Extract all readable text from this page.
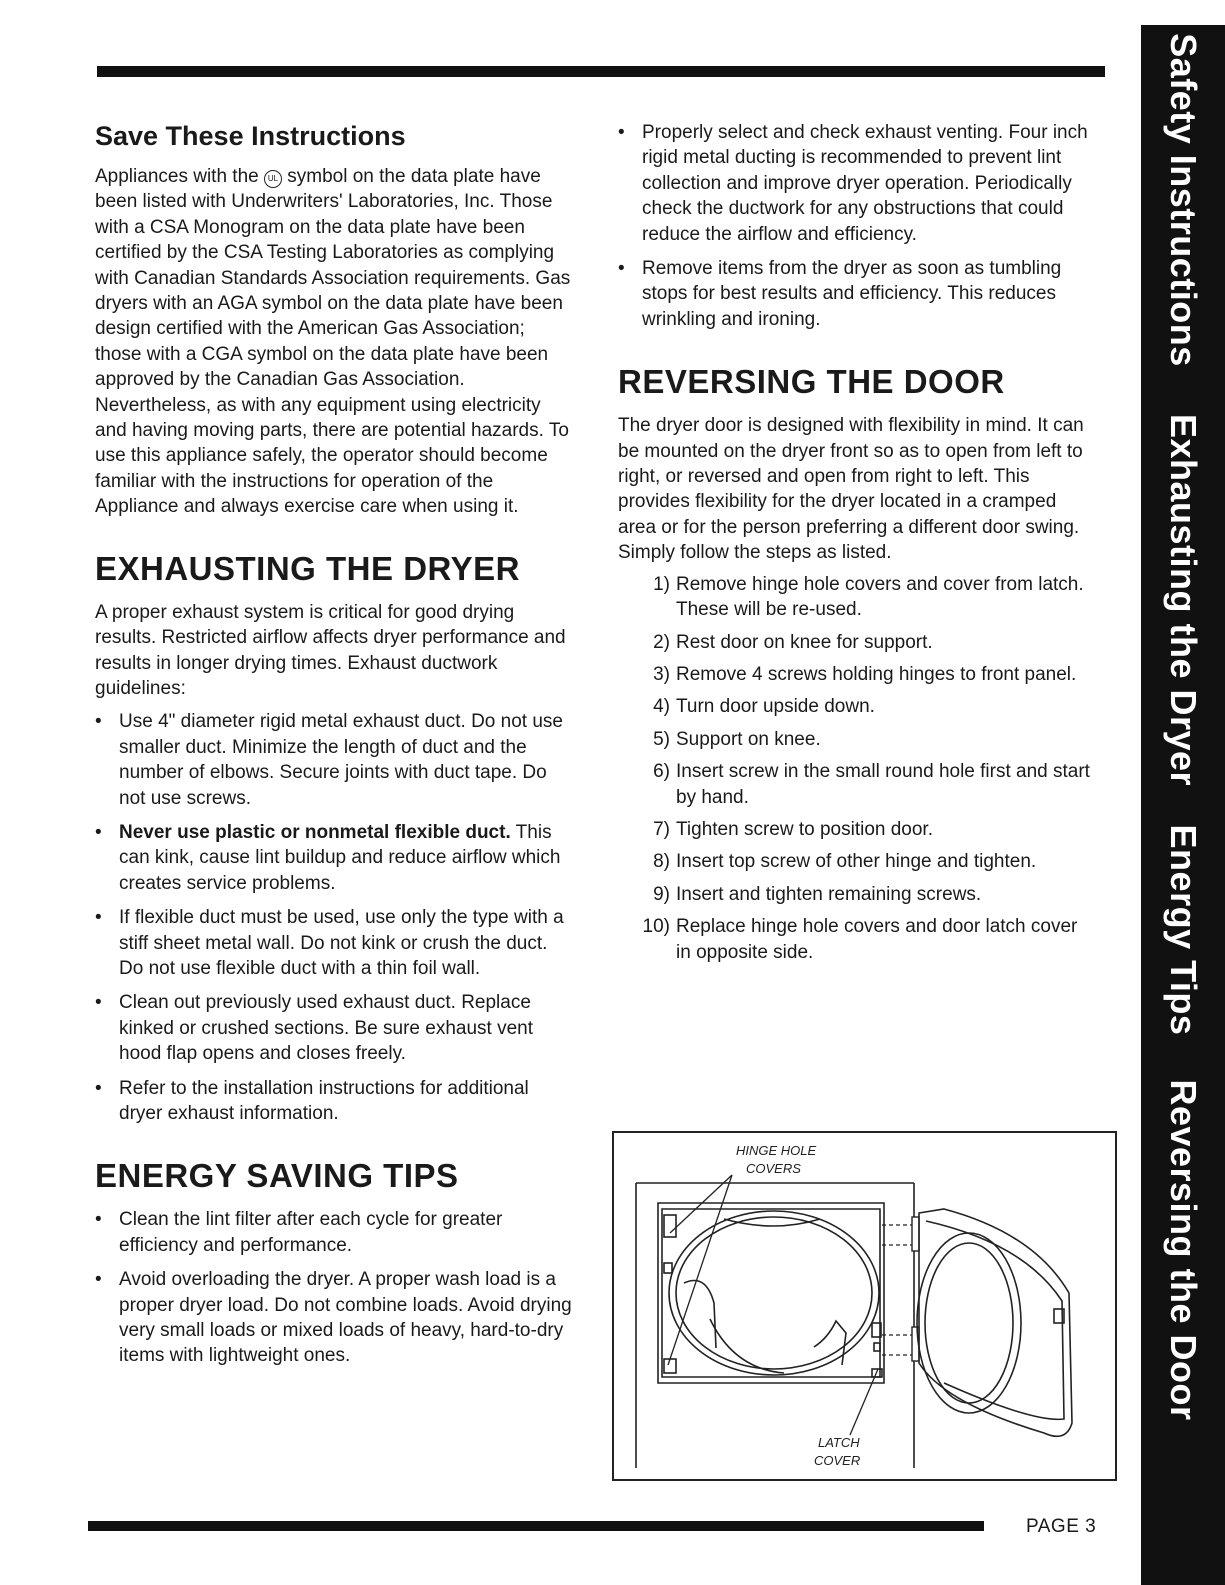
Safety Instructions
Exhausting the Dryer
Energy Tips
Reversing the Door
Save These Instructions

Appliances with the UL symbol on the data plate have been listed with Underwriters' Laboratories, Inc. Those with a CSA Monogram on the data plate have been certified by the CSA Testing Laboratories as complying with Canadian Standards Association requirements. Gas dryers with an AGA symbol on the data plate have been design certified with the American Gas Association; those with a CGA symbol on the data plate have been approved by the Canadian Gas Association. Nevertheless, as with any equipment using electricity and having moving parts, there are potential hazards. To use this appliance safely, the operator should become familiar with the instructions for operation of the Appliance and always exercise care when using it.

EXHAUSTING THE DRYER

A proper exhaust system is critical for good drying results. Restricted airflow affects dryer performance and results in longer drying times. Exhaust ductwork guidelines:

• Use 4" diameter rigid metal exhaust duct. Do not use smaller duct. Minimize the length of duct and the number of elbows. Secure joints with duct tape. Do not use screws.
• Never use plastic or nonmetal flexible duct. This can kink, cause lint buildup and reduce airflow which creates service problems.
• If flexible duct must be used, use only the type with a stiff sheet metal wall. Do not kink or crush the duct. Do not use flexible duct with a thin foil wall.
• Clean out previously used exhaust duct. Replace kinked or crushed sections. Be sure exhaust vent hood flap opens and closes freely.
• Refer to the installation instructions for additional dryer exhaust information.
ENERGY SAVING TIPS
• Clean the lint filter after each cycle for greater efficiency and performance.
• Avoid overloading the dryer. A proper wash load is a proper dryer load. Do not combine loads. Avoid drying very small loads or mixed loads of heavy, hard-to-dry items with lightweight ones.
• Properly select and check exhaust venting. Four inch rigid metal ducting is recommended to prevent lint collection and improve dryer operation. Periodically check the ductwork for any obstructions that could reduce the airflow and efficiency.
• Remove items from the dryer as soon as tumbling stops for best results and efficiency. This reduces wrinkling and ironing.
REVERSING THE DOOR

The dryer door is designed with flexibility in mind. It can be mounted on the dryer front so as to open from left to right, or reversed and open from right to left. This provides flexibility for the dryer located in a cramped area or for the person preferring a different door swing. Simply follow the steps as listed.

1) Remove hinge hole covers and cover from latch. These will be re-used.
2) Rest door on knee for support.
3) Remove 4 screws holding hinges to front panel.
4) Turn door upside down.
5) Support on knee.
6) Insert screw in the small round hole first and start by hand.
7) Tighten screw to position door.
8) Insert top screw of other hinge and tighten.
9) Insert and tighten remaining screws.
10) Replace hinge hole covers and door latch cover in opposite side.
HINGE HOLE
COVERS
LATCH
COVER
PAGE 3
